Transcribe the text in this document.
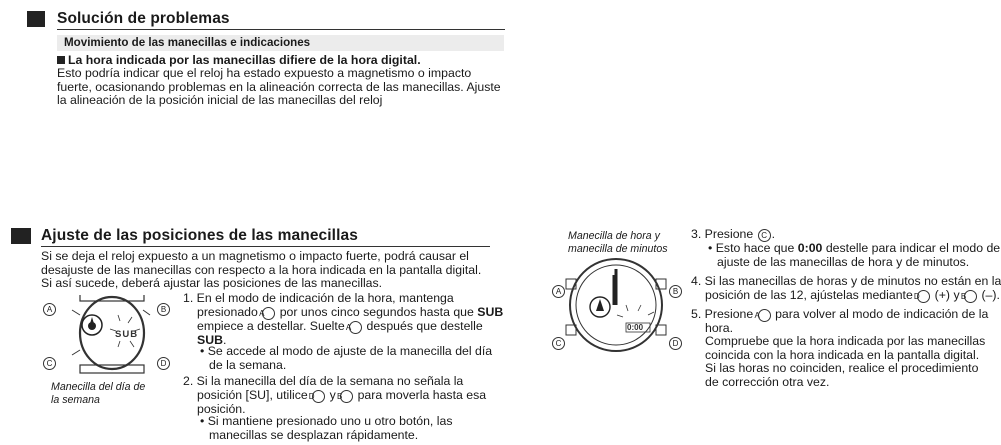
Solución de problemas
Movimiento de las manecillas e indicaciones
La hora indicada por las manecillas difiere de la hora digital.
Esto podría indicar que el reloj ha estado expuesto a magnetismo o impacto fuerte, ocasionando problemas en la alineación correcta de las manecillas. Ajuste la alineación de la posición inicial de las manecillas del reloj
Ajuste de las posiciones de las manecillas
Si se deja el reloj expuesto a un magnetismo o impacto fuerte, podrá causar el desajuste de las manecillas con respecto a la hora indicada en la pantalla digital. Si así sucede, deberá ajustar las posiciones de las manecillas.
SUB
A	B
C	D
Manecilla del día de la semana
1. En el modo de indicación de la hora, mantenga presionado A por unos cinco segundos hasta que SUB empiece a destellar. Suelte A después que destelle SUB.
• Se accede al modo de ajuste de la manecilla del día de la semana.
2. Si la manecilla del día de la semana no señala la posición [SU], utilice D y B para moverla hasta esa posición.
• Si mantiene presionado uno u otro botón, las manecillas se desplazan rápidamente.
Manecilla de hora y manecilla de minutos
0:00
A	B
C	D
3. Presione C .
• Esto hace que 0:00 destelle para indicar el modo de ajuste de las manecillas de hora y de minutos.
4. Si las manecillas de horas y de minutos no están en la posición de las 12, ajústelas mediante D (+) y B (–).
5. Presione A para volver al modo de indicación de la hora.
Compruebe que la hora indicada por las manecillas coincida con la hora indicada en la pantalla digital. Si las horas no coinciden, realice el procedimiento de corrección otra vez.
